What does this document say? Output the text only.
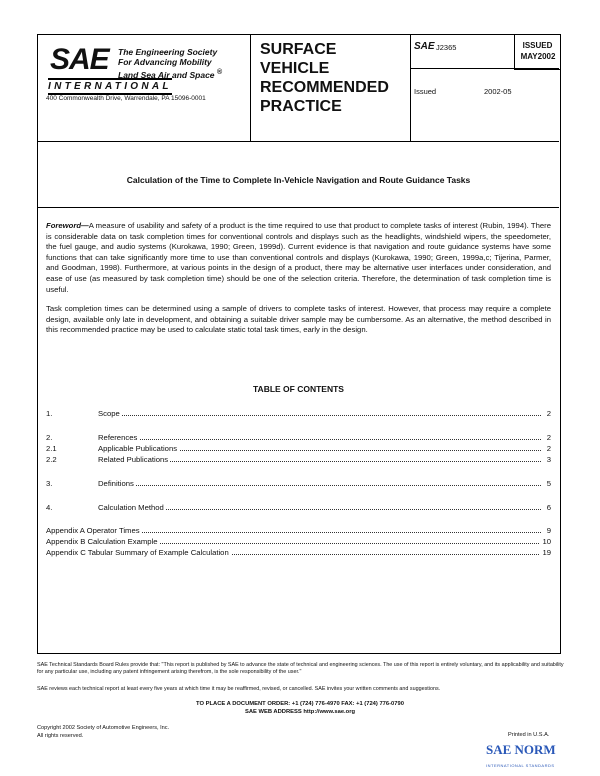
SAE The Engineering Society
For Advancing Mobility
Land Sea Air and Space ®
INTERNATIONAL
400 Commonwealth Drive, Warrendale, PA 15096-0001
SURFACE
VEHICLE
RECOMMENDED
PRACTICE
SAE J2365
Issued	2002-05
ISSUED
MAY2002
Calculation of the Time to Complete In-Vehicle Navigation and Route Guidance Tasks

Foreword—A measure of usability and safety of a product is the time required to use that product to complete tasks of interest (Rubin, 1994). There is considerable data on task completion times for conventional controls and displays such as the headlights, windshield wipers, the speedometer, the fuel gauge, and audio systems (Kurokawa, 1990; Green, 1999d). Current evidence is that navigation and route guidance systems have some functions that can take significantly more time to use than conventional controls and displays (Kurokawa, 1990; Green, 1999a,c; Tijerina, Parmer, and Goodman, 1998). Furthermore, at various points in the design of a product, there may be alternative user interfaces under consideration, and ease of use (as measured by task completion time) should be one of the selection criteria. Therefore, the determination of task completion time is useful.

Task completion times can be determined using a sample of drivers to complete tasks of interest. However, that process may require a complete design, available only late in development, and obtaining a suitable driver sample may be cumbersome. As an alternative, the method described in this recommended practice may be used to calculate static total task times, early in the design.

TABLE OF CONTENTS
1.	Scope	2
2.	References	2
2.1	Applicable Publications	2
2.2	Related Publications	3
3.	Definitions	5
4.	Calculation Method	6
Appendix A Operator Times	9
Appendix B Calculation Example	10
Appendix C Tabular Summary of Example Calculation	19
SAE Technical Standards Board Rules provide that: "This report is published by SAE to advance the state of technical and engineering sciences. The use of this report is entirely voluntary, and its applicability and suitability for any particular use, including any patent infringement arising therefrom, is the sole responsibility of the user."
SAE reviews each technical report at least every five years at which time it may be reaffirmed, revised, or cancelled. SAE invites your written comments and suggestions.
TO PLACE A DOCUMENT ORDER: +1 (724) 776-4970 FAX: +1 (724) 776-0790
SAE WEB ADDRESS http://www.sae.org
Copyright 2002 Society of Automotive Engineers, Inc.
All rights reserved.	Printed in U.S.A.
SAE NORM
INTERNATIONAL STANDARDS
